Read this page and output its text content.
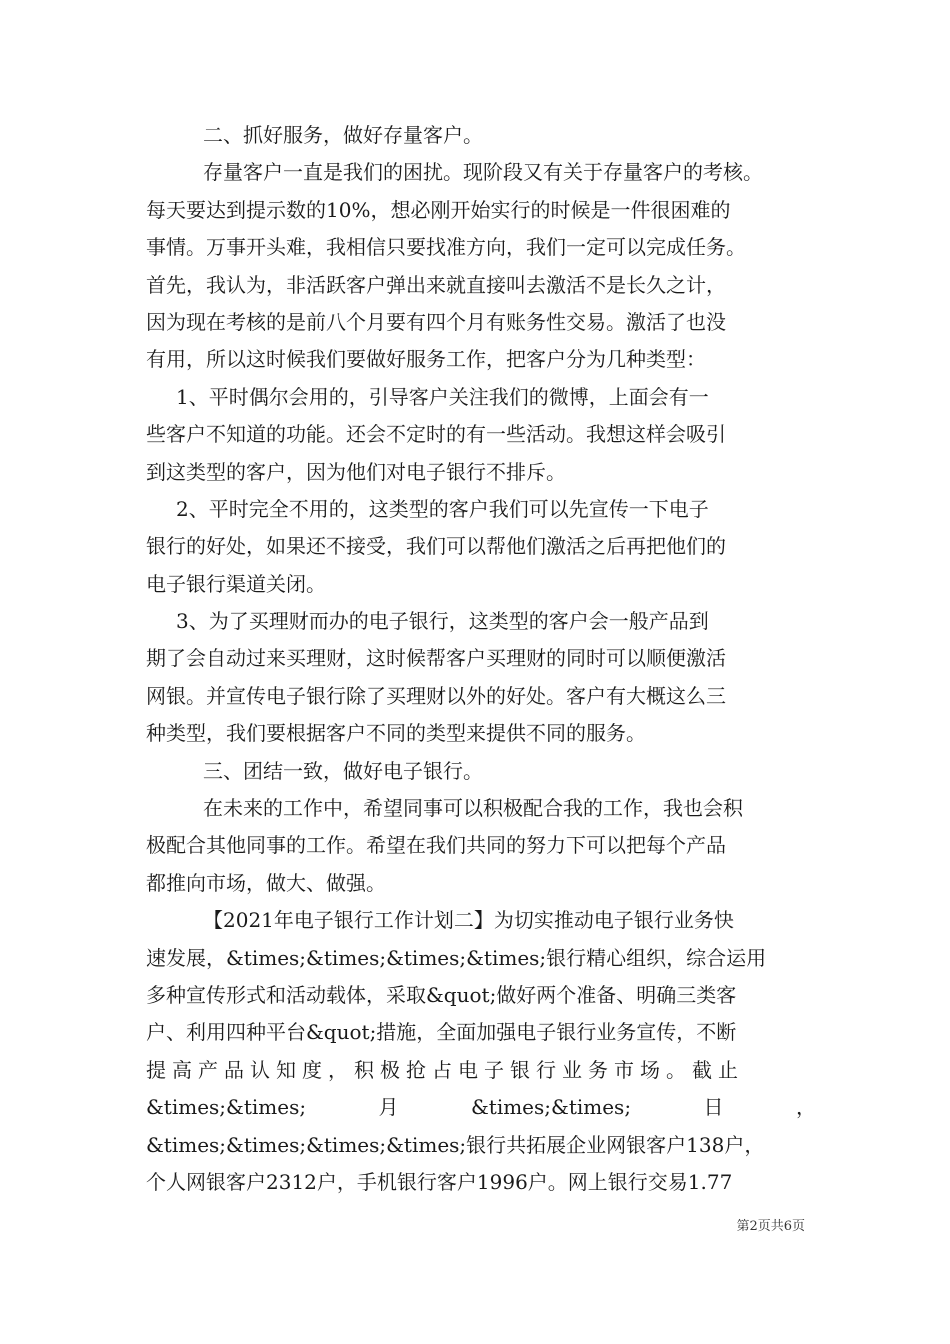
二、抓好服务，做好存量客户。
存量客户一直是我们的困扰。现阶段又有关于存量客户的考核。
每天要达到提示数的10%，想必刚开始实行的时候是一件很困难的
事情。万事开头难，我相信只要找准方向，我们一定可以完成任务。
首先，我认为，非活跃客户弹出来就直接叫去激活不是长久之计，
因为现在考核的是前八个月要有四个月有账务性交易。激活了也没
有用，所以这时候我们要做好服务工作，把客户分为几种类型：
1、平时偶尔会用的，引导客户关注我们的微博，上面会有一
些客户不知道的功能。还会不定时的有一些活动。我想这样会吸引
到这类型的客户，因为他们对电子银行不排斥。
2、平时完全不用的，这类型的客户我们可以先宣传一下电子
银行的好处，如果还不接受，我们可以帮他们激活之后再把他们的
电子银行渠道关闭。
3、为了买理财而办的电子银行，这类型的客户会一般产品到
期了会自动过来买理财，这时候帮客户买理财的同时可以顺便激活
网银。并宣传电子银行除了买理财以外的好处。客户有大概这么三
种类型，我们要根据客户不同的类型来提供不同的服务。
三、团结一致，做好电子银行。
在未来的工作中，希望同事可以积极配合我的工作，我也会积
极配合其他同事的工作。希望在我们共同的努力下可以把每个产品
都推向市场，做大、做强。
【2021年电子银行工作计划二】为切实推动电子银行业务快
速发展，&times;&times;&times;&times;银行精心组织，综合运用
多种宣传形式和活动载体，采取&quot;做好两个准备、明确三类客
户、利用四种平台&quot;措施，全面加强电子银行业务宣传，不断
提高产品认知度，积极抢占电子银行业务市场。截止
&times;&times;	月	&times;&times;	日	，
&times;&times;&times;&times;银行共拓展企业网银客户138户，
个人网银客户2312户，手机银行客户1996户。网上银行交易1.77
第2页共6页
